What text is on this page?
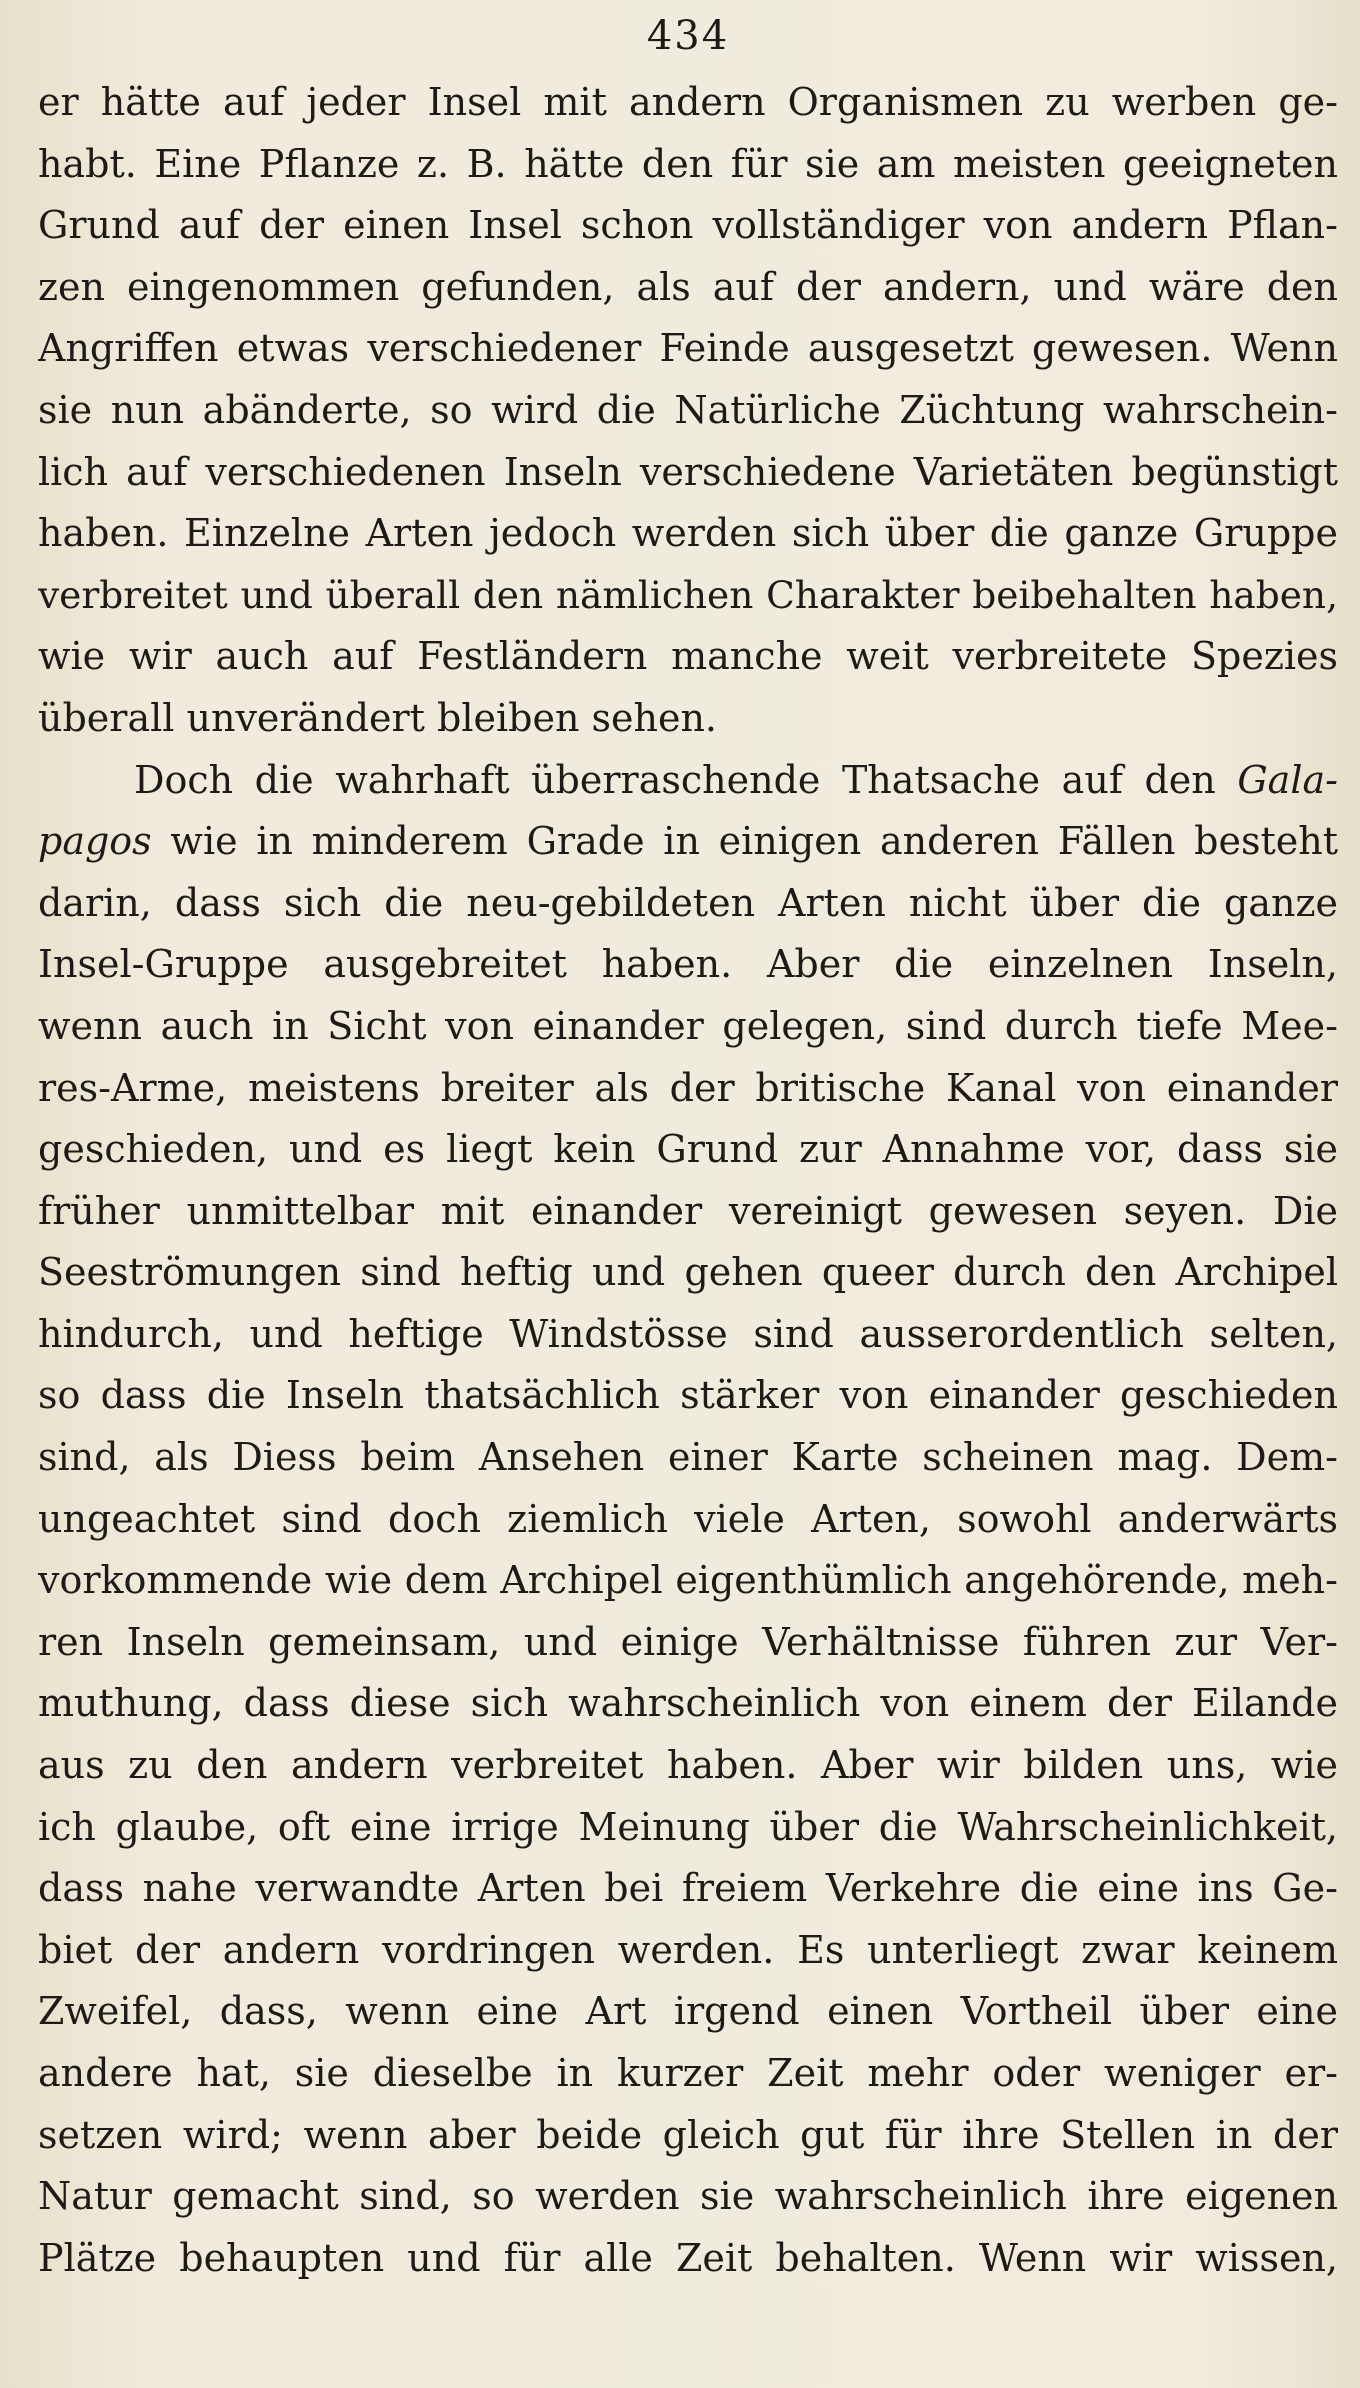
434
er hätte auf jeder Insel mit andern Organismen zu werben ge-
habt. Eine Pflanze z. B. hätte den für sie am meisten geeigneten
Grund auf der einen Insel schon vollständiger von andern Pflan-
zen eingenommen gefunden, als auf der andern, und wäre den
Angriffen etwas verschiedener Feinde ausgesetzt gewesen. Wenn
sie nun abänderte, so wird die Natürliche Züchtung wahrschein-
lich auf verschiedenen Inseln verschiedene Varietäten begünstigt
haben. Einzelne Arten jedoch werden sich über die ganze Gruppe
verbreitet und überall den nämlichen Charakter beibehalten haben,
wie wir auch auf Festländern manche weit verbreitete Spezies
überall unverändert bleiben sehen.
Doch die wahrhaft überraschende Thatsache auf den Gala-
pagos wie in minderem Grade in einigen anderen Fällen besteht
darin, dass sich die neu-gebildeten Arten nicht über die ganze
Insel-Gruppe ausgebreitet haben. Aber die einzelnen Inseln,
wenn auch in Sicht von einander gelegen, sind durch tiefe Mee-
res-Arme, meistens breiter als der britische Kanal von einander
geschieden, und es liegt kein Grund zur Annahme vor, dass sie
früher unmittelbar mit einander vereinigt gewesen seyen. Die
Seeströmungen sind heftig und gehen queer durch den Archipel
hindurch, und heftige Windstösse sind ausserordentlich selten,
so dass die Inseln thatsächlich stärker von einander geschieden
sind, als Diess beim Ansehen einer Karte scheinen mag. Dem-
ungeachtet sind doch ziemlich viele Arten, sowohl anderwärts
vorkommende wie dem Archipel eigenthümlich angehörende, meh-
ren Inseln gemeinsam, und einige Verhältnisse führen zur Ver-
muthung, dass diese sich wahrscheinlich von einem der Eilande
aus zu den andern verbreitet haben. Aber wir bilden uns, wie
ich glaube, oft eine irrige Meinung über die Wahrscheinlichkeit,
dass nahe verwandte Arten bei freiem Verkehre die eine ins Ge-
biet der andern vordringen werden. Es unterliegt zwar keinem
Zweifel, dass, wenn eine Art irgend einen Vortheil über eine
andere hat, sie dieselbe in kurzer Zeit mehr oder weniger er-
setzen wird; wenn aber beide gleich gut für ihre Stellen in der
Natur gemacht sind, so werden sie wahrscheinlich ihre eigenen
Plätze behaupten und für alle Zeit behalten. Wenn wir wissen,
